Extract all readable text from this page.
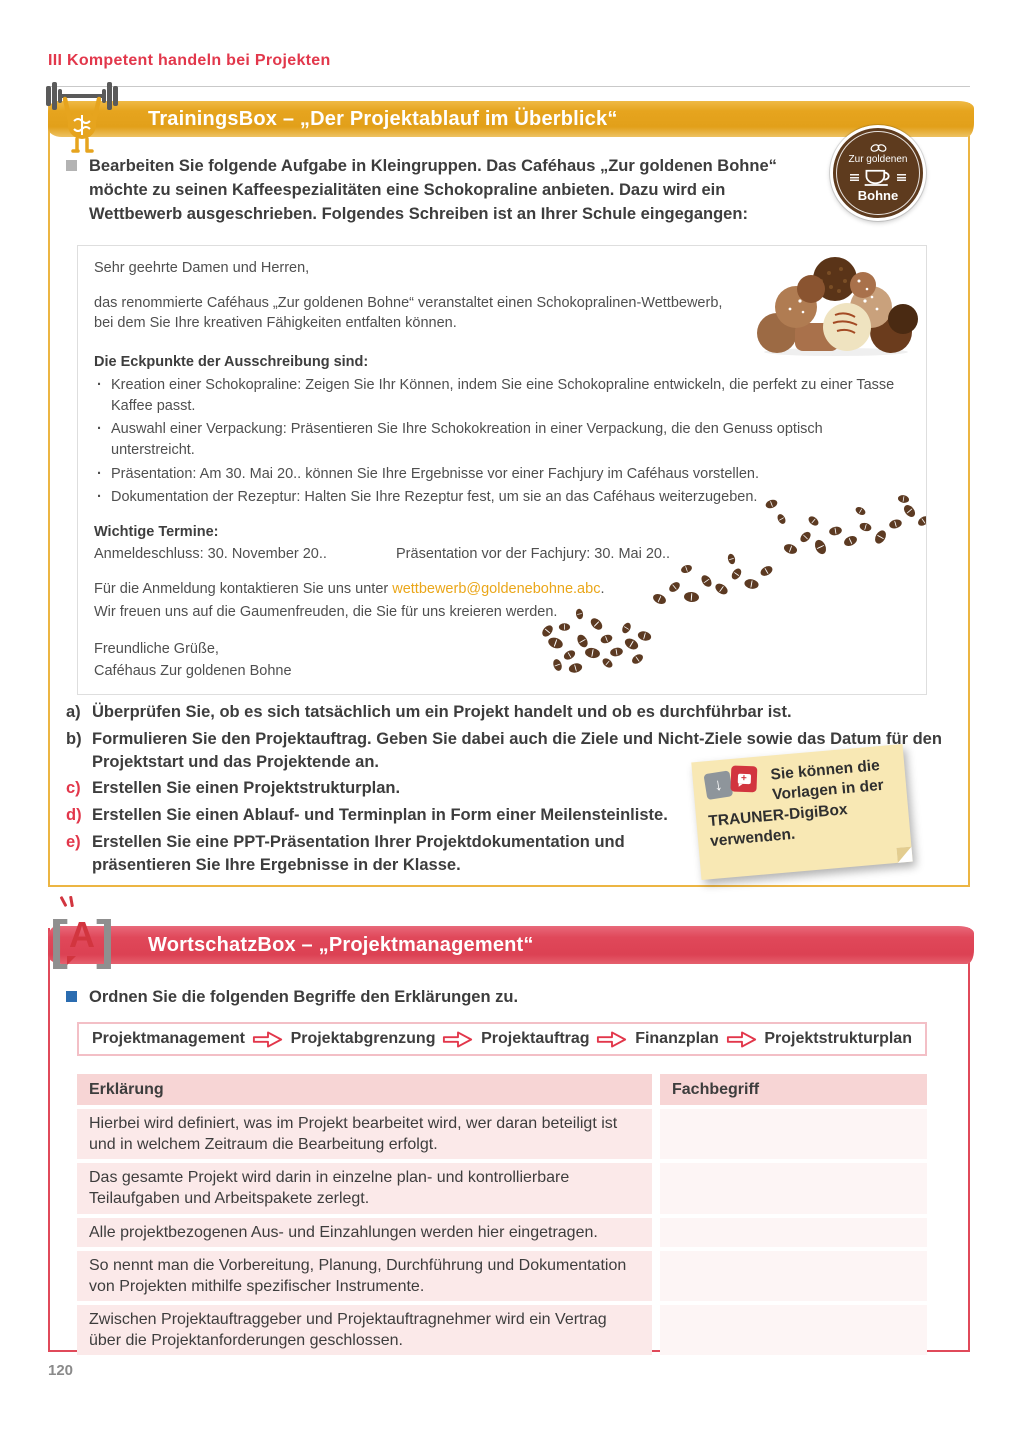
III Kompetent handeln bei Projekten
TrainingsBox – „Der Projektablauf im Überblick“
Zur goldenen
Bohne

Bearbeiten Sie folgende Aufgabe in Kleingruppen. Das Caféhaus „Zur goldenen Bohne“ möchte zu seinen Kaffeespezialitäten eine Schokopraline anbieten. Dazu wird ein Wettbewerb ausgeschrieben. Folgendes Schreiben ist an Ihrer Schule eingegangen:

Sehr geehrte Damen und Herren,

das renommierte Caféhaus „Zur goldenen Bohne“ veranstaltet einen Schokopralinen-Wettbewerb, bei dem Sie Ihre kreativen Fähigkeiten entfalten können.

Die Eckpunkte der Ausschreibung sind:

· Kreation einer Schokopraline: Zeigen Sie Ihr Können, indem Sie eine Schokopraline entwickeln, die perfekt zu einer Tasse Kaffee passt.
· Auswahl einer Verpackung: Präsentieren Sie Ihre Schokokreation in einer Verpackung, die den Genuss optisch unterstreicht.
· Präsentation: Am 30. Mai 20.. können Sie Ihre Ergebnisse vor einer Fachjury im Caféhaus vorstellen.
· Dokumentation der Rezeptur: Halten Sie Ihre Rezeptur fest, um sie an das Caféhaus weiterzugeben.

Wichtige Termine:

Anmeldeschluss: 30. November 20..	Präsentation vor der Fachjury: 30. Mai 20..

Für die Anmeldung kontaktieren Sie uns unter wettbewerb@goldenebohne.abc.

Wir freuen uns auf die Gaumenfreuden, die Sie für uns kreieren werden.

Freundliche Grüße,
Caféhaus Zur goldenen Bohne
a) Überprüfen Sie, ob es sich tatsächlich um ein Projekt handelt und ob es durchführbar ist.
b) Formulieren Sie den Projektauftrag. Geben Sie dabei auch die Ziele und Nicht-Ziele sowie das Datum für den Projektstart und das Projektende an.
c) Erstellen Sie einen Projektstrukturplan.
d) Erstellen Sie einen Ablauf- und Terminplan in Form einer Meilensteinliste.
e) Erstellen Sie eine PPT-Präsentation Ihrer Projektdokumentation und präsentieren Sie Ihre Ergebnisse in der Klasse.
↓	+ Sie können die Vorlagen in der TRAUNER-DigiBox verwenden.
[A]	WortschatzBox – „Projektmanagement“

Ordnen Sie die folgenden Begriffe den Erklärungen zu.

Projektmanagement	Projektabgrenzung	Projektauftrag	Finanzplan	Projektstrukturplan
Erklärung	Fachbegriff
Hierbei wird definiert, was im Projekt bearbeitet wird, wer daran beteiligt ist und in welchem Zeitraum die Bearbeitung erfolgt.
Das gesamte Projekt wird darin in einzelne plan- und kontrollierbare Teilaufgaben und Arbeitspakete zerlegt.
Alle projektbezogenen Aus- und Einzahlungen werden hier eingetragen.
So nennt man die Vorbereitung, Planung, Durchführung und Dokumentation von Projekten mithilfe spezifischer Instrumente.
Zwischen Projektauftraggeber und Projektauftragnehmer wird ein Vertrag über die Projektanforderungen geschlossen.
120
